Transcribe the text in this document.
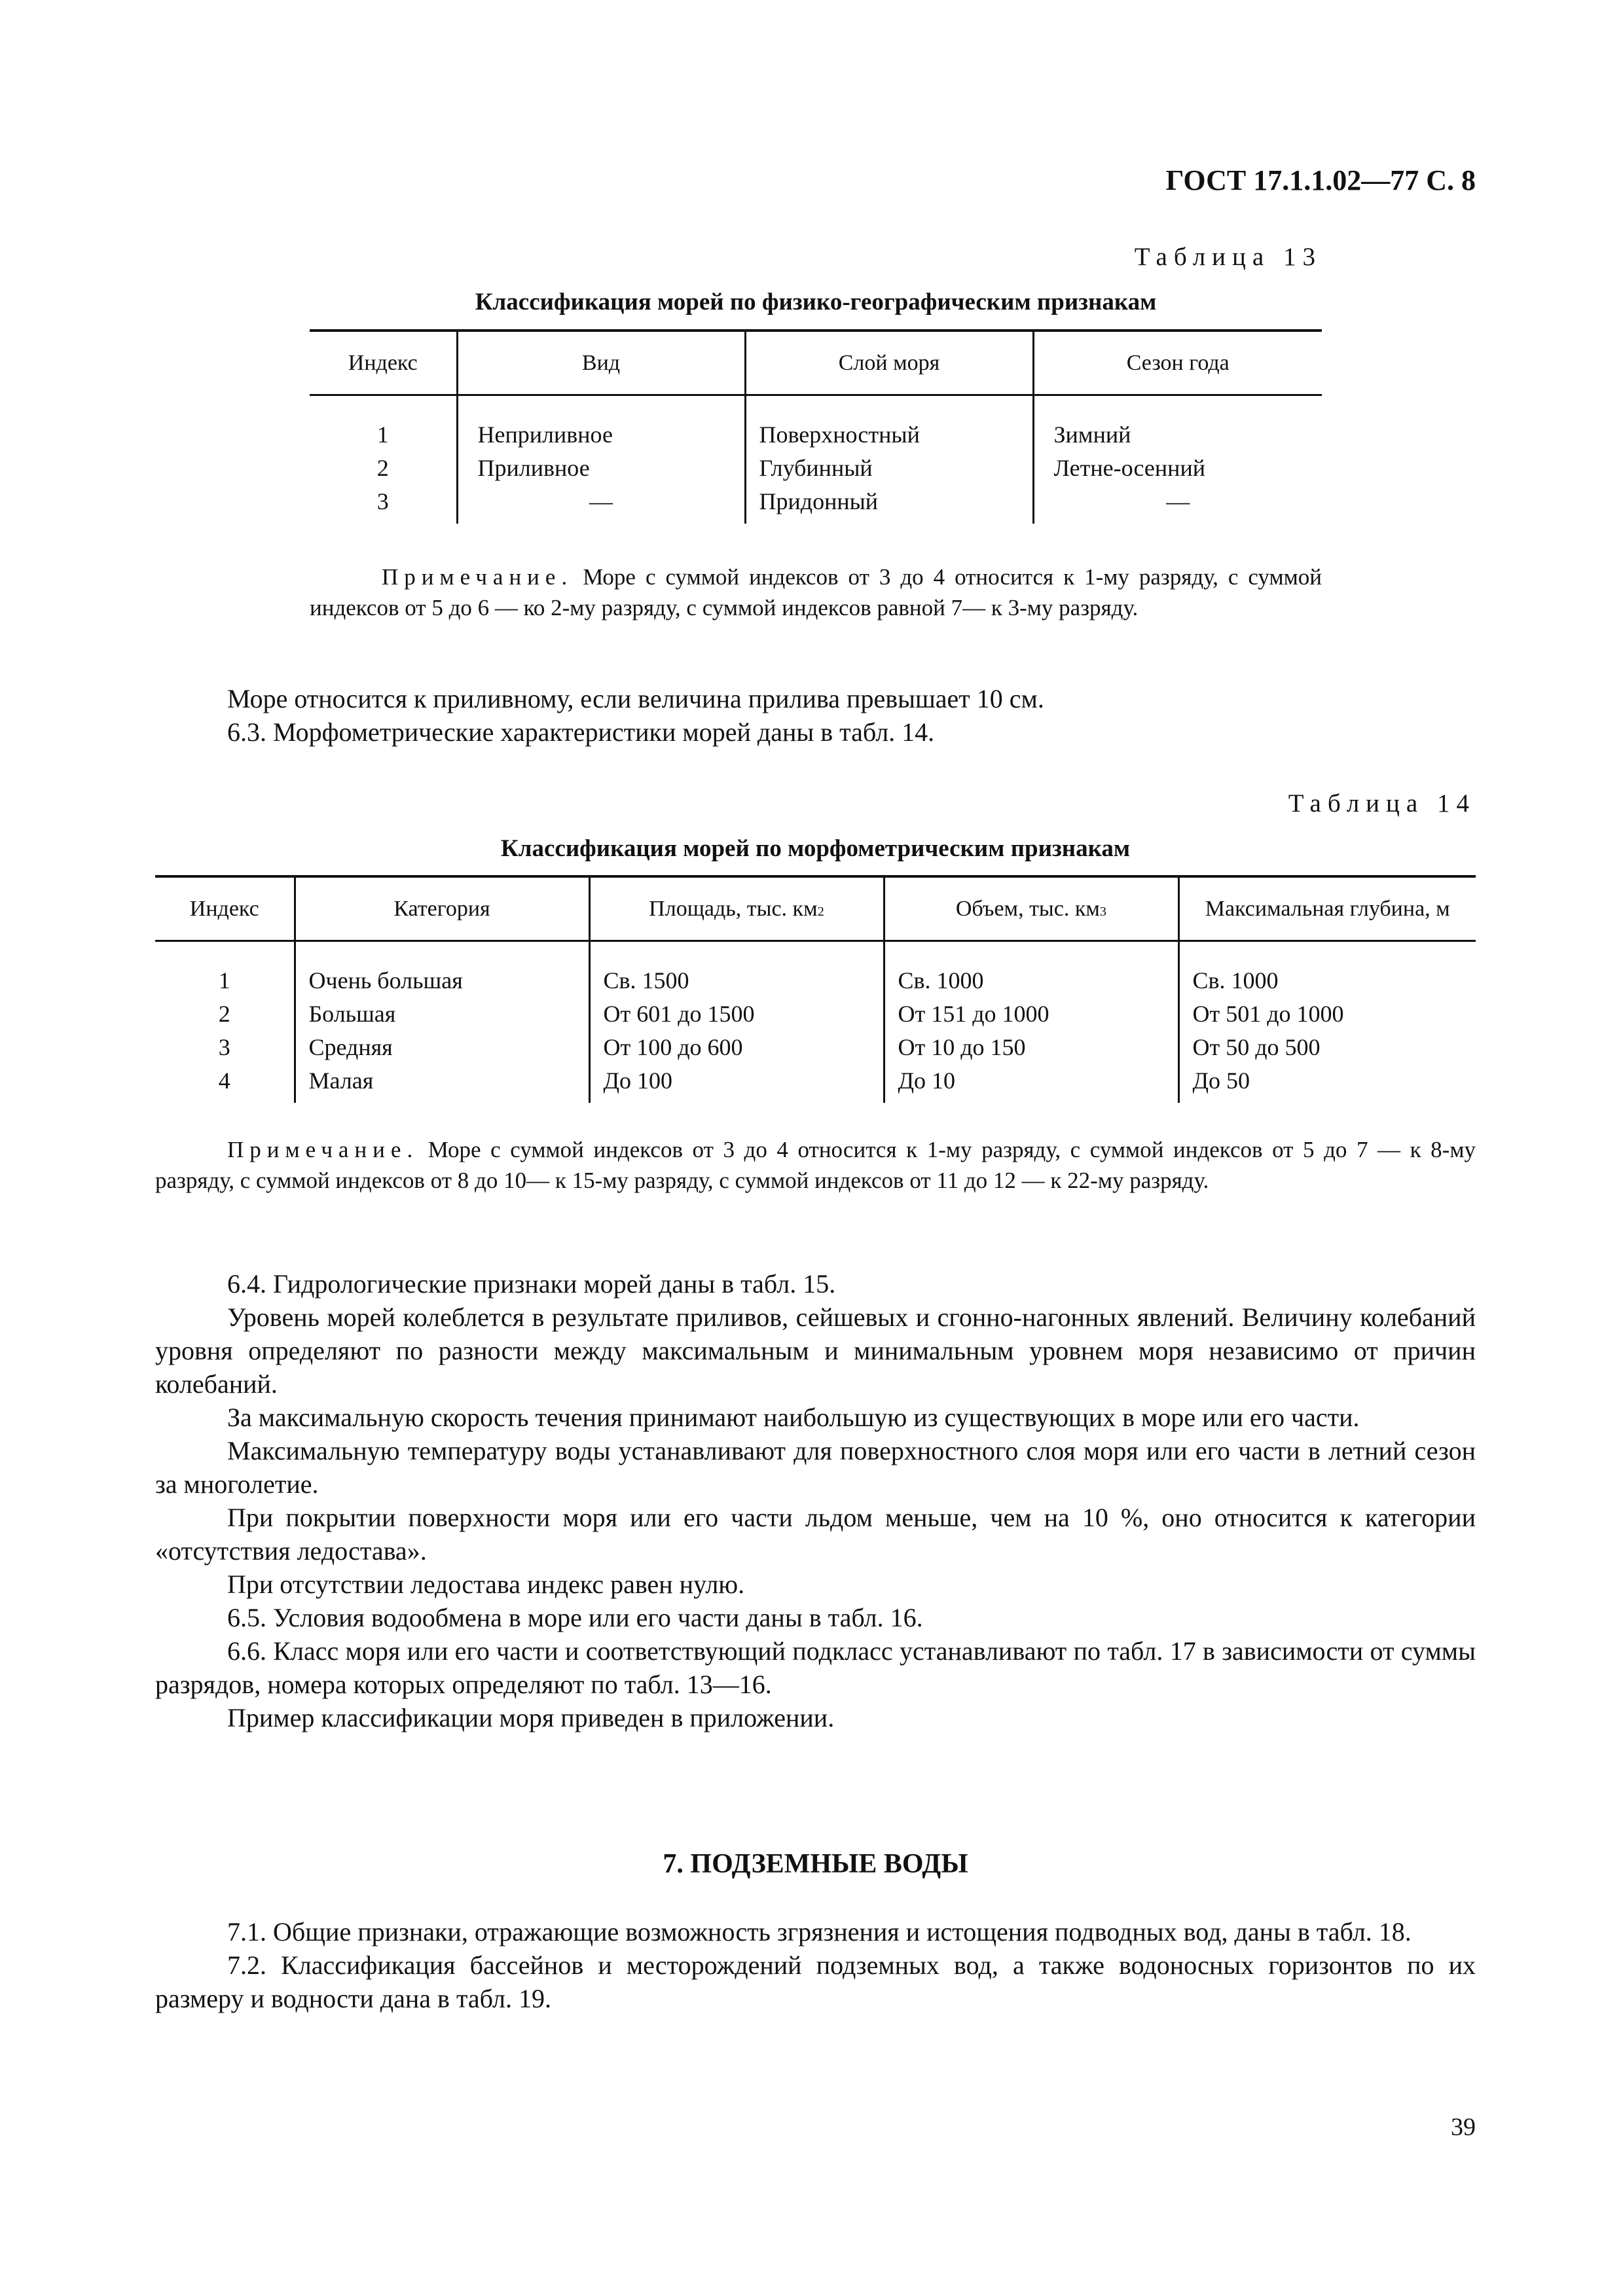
ГОСТ 17.1.1.02—77 С. 8
Таблица 13
Классификация морей по физико-географическим признакам
Индекс	Вид	Слой моря	Сезон года
1	Неприливное	Поверхностный	Зимний
2	Приливное	Глубинный	Летне-осенний
3	—	Придонный	—
Примечание. Море с суммой индексов от 3 до 4 относится к 1-му разряду, с суммой индексов от 5 до 6 — ко 2-му разряду, с суммой индексов равной 7— к 3-му разряду.

Море относится к приливному, если величина прилива превышает 10 см.

6.3. Морфометрические характеристики морей даны в табл. 14.

Таблица 14
Классификация морей по морфометрическим признакам
Индекс	Категория	Площадь, тыс. $км^2$	Объем, тыс. $км^3$	Максимальная глубина, м
1	Очень большая	Св. 1500	Св. 1000	Св. 1000
2	Большая	От 601 до 1500	От 151 до 1000	От 501 до 1000
3	Средняя	От 100 до 600	От 10 до 150	От 50 до 500
4	Малая	До 100	До 10	До 50
Примечание. Море с суммой индексов от 3 до 4 относится к 1-му разряду, с суммой индексов от 5 до 7 — к 8-му разряду, с суммой индексов от 8 до 10— к 15-му разряду, с суммой индексов от 11 до 12 — к 22-му разряду.

6.4. Гидрологические признаки морей даны в табл. 15.

Уровень морей колеблется в результате приливов, сейшевых и сгонно-нагонных явлений. Величину колебаний уровня определяют по разности между максимальным и минимальным уровнем моря независимо от причин колебаний.

За максимальную скорость течения принимают наибольшую из существующих в море или его части.

Максимальную температуру воды устанавливают для поверхностного слоя моря или его части в летний сезон за многолетие.

При покрытии поверхности моря или его части льдом меньше, чем на 10 %, оно относится к категории «отсутствия ледостава».

При отсутствии ледостава индекс равен нулю.

6.5. Условия водообмена в море или его части даны в табл. 16.

6.6. Класс моря или его части и соответствующий подкласс устанавливают по табл. 17 в зависимости от суммы разрядов, номера которых определяют по табл. 13—16.

Пример классификации моря приведен в приложении.

7. ПОДЗЕМНЫЕ ВОДЫ

7.1. Общие признаки, отражающие возможность згрязнения и истощения подводных вод, даны в табл. 18.

7.2. Классификация бассейнов и месторождений подземных вод, а также водоносных горизонтов по их размеру и водности дана в табл. 19.

39
